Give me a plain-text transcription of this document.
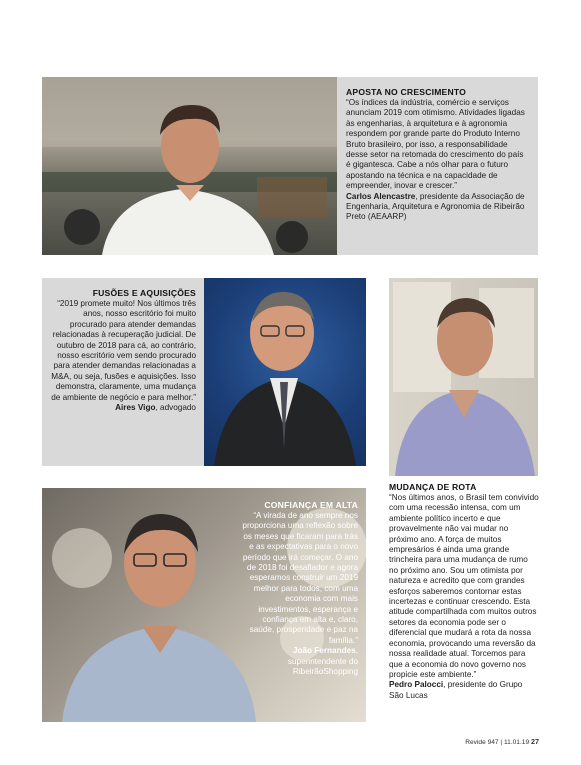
APOSTA NO CRESCIMENTO
“Os índices da indústria, comércio e serviços anunciam 2019 com otimismo. Atividades ligadas às engenharias, à arquitetura e à agronomia respondem por grande parte do Produto Interno Bruto brasileiro, por isso, a responsabilidade desse setor na retomada do crescimento do país é gigantesca. Cabe a nós olhar para o futuro apostando na técnica e na capacidade de empreender, inovar e crescer.”
Carlos Alencastre, presidente da Associação de Engenharia, Arquitetura e Agronomia de Ribeirão Preto (AEAARP)
FUSÕES E AQUISIÇÕES
“2019 promete muito! Nos últimos três anos, nosso escritório foi muito procurado para atender demandas relacionadas à recuperação judicial. De outubro de 2018 para cá, ao contrário, nosso escritório vem sendo procurado para atender demandas relacionadas a M&A, ou seja, fusões e aquisições. Isso demonstra, claramente, uma mudança de ambiente de negócio e para melhor.”
Aires Vigo, advogado
MUDANÇA DE ROTA
“Nos últimos anos, o Brasil tem convivido com uma recessão intensa, com um ambiente político incerto e que provavelmente não vai mudar no próximo ano. A força de muitos empresários é ainda uma grande trincheira para uma mudança de rumo no próximo ano. Sou um otimista por natureza e acredito que com grandes esforços saberemos contornar estas incertezas e continuar crescendo. Esta atitude compartilhada com muitos outros setores da economia pode ser o diferencial que mudará a rota da nossa economia, provocando uma reversão da nossa realidade atual. Torcemos para que a economia do novo governo nos propicie este ambiente.”
Pedro Palocci, presidente do Grupo São Lucas
CONFIANÇA EM ALTA
“A virada de ano sempre nos proporciona uma reflexão sobre os meses que ficaram para trás e as expectativas para o novo período que irá começar. O ano de 2018 foi desafiador e agora esperamos construir um 2019 melhor para todos, com uma economia com mais investimentos, esperança e confiança em alta e, claro, saúde, prosperidade e paz na família.”
João Fernandes, superintendente do RibeirãoShopping
Revide 947 | 11.01.19 27
